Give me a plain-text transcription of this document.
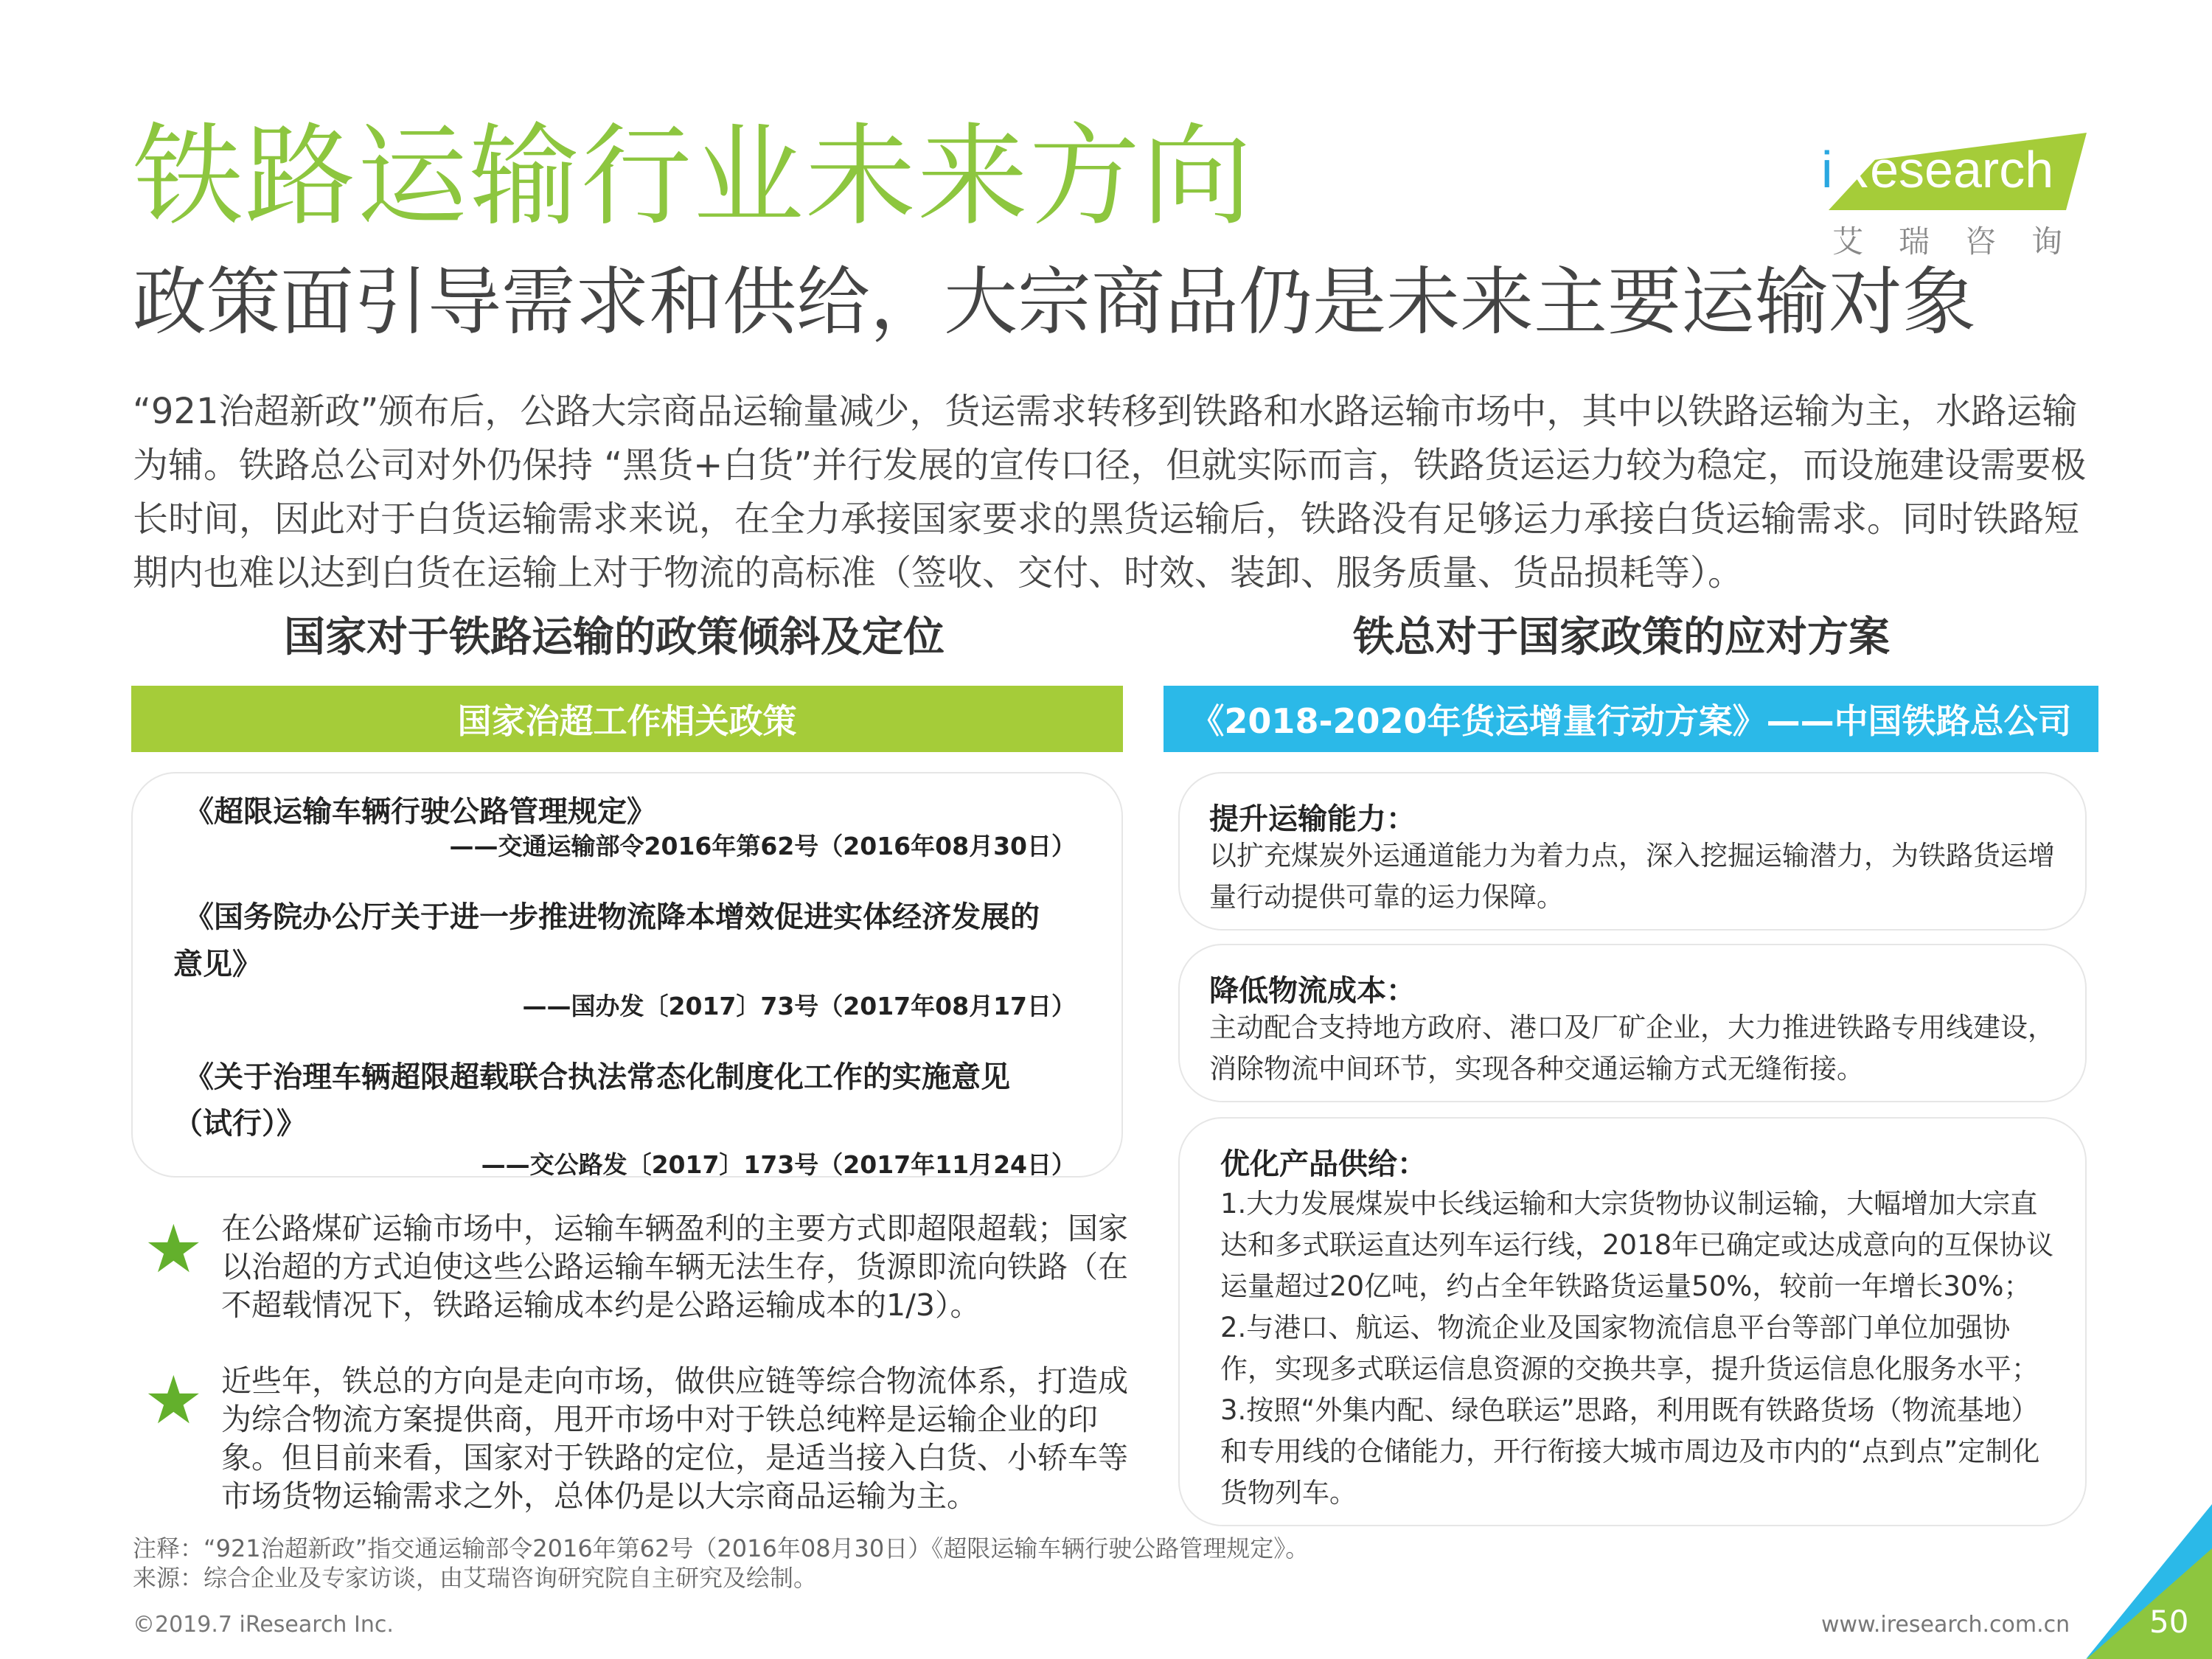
铁路运输行业未来方向
政策面引导需求和供给，大宗商品仍是未来主要运输对象
iResearch
艾瑞咨询
“921治超新政”颁布后，公路大宗商品运输量减少，货运需求转移到铁路和水路运输市场中，其中以铁路运输为主，水路运输为辅。铁路总公司对外仍保持 “黑货+白货”并行发展的宣传口径，但就实际而言，铁路货运运力较为稳定，而设施建设需要极长时间，因此对于白货运输需求来说，在全力承接国家要求的黑货运输后，铁路没有足够运力承接白货运输需求。同时铁路短期内也难以达到白货在运输上对于物流的高标准（签收、交付、时效、装卸、服务质量、货品损耗等）。
国家对于铁路运输的政策倾斜及定位	铁总对于国家政策的应对方案
国家治超工作相关政策	《2018-2020年货运增量行动方案》——中国铁路总公司
《超限运输车辆行驶公路管理规定》
——交通运输部令2016年第62号（2016年08月30日）
《国务院办公厅关于进一步推进物流降本增效促进实体经济发展的
意见》
——国办发〔2017〕73号（2017年08月17日）
《关于治理车辆超限超载联合执法常态化制度化工作的实施意见
（试行）》
——交公路发〔2017〕173号（2017年11月24日）
★ 在公路煤矿运输市场中，运输车辆盈利的主要方式即超限超载；国家以治超的方式迫使这些公路运输车辆无法生存，货源即流向铁路（在不超载情况下，铁路运输成本约是公路运输成本的1/3）。
★ 近些年，铁总的方向是走向市场，做供应链等综合物流体系，打造成为综合物流方案提供商，甩开市场中对于铁总纯粹是运输企业的印象。但目前来看，国家对于铁路的定位，是适当接入白货、小轿车等市场货物运输需求之外，总体仍是以大宗商品运输为主。
提升运输能力：
以扩充煤炭外运通道能力为着力点，深入挖掘运输潜力，为铁路货运增量行动提供可靠的运力保障。
降低物流成本：
主动配合支持地方政府、港口及厂矿企业，大力推进铁路专用线建设，消除物流中间环节，实现各种交通运输方式无缝衔接。
优化产品供给：
1.大力发展煤炭中长线运输和大宗货物协议制运输，大幅增加大宗直达和多式联运直达列车运行线，2018年已确定或达成意向的互保协议运量超过20亿吨，约占全年铁路货运量50%，较前一年增长30%；
2.与港口、航运、物流企业及国家物流信息平台等部门单位加强协作，实现多式联运信息资源的交换共享，提升货运信息化服务水平；
3.按照“外集内配、绿色联运”思路，利用既有铁路货场（物流基地）和专用线的仓储能力，开行衔接大城市周边及市内的“点到点”定制化货物列车。
注释：“921治超新政”指交通运输部令2016年第62号（2016年08月30日）《超限运输车辆行驶公路管理规定》。
来源：综合企业及专家访谈，由艾瑞咨询研究院自主研究及绘制。
©2019.7 iResearch Inc.	www.iresearch.com.cn	50
